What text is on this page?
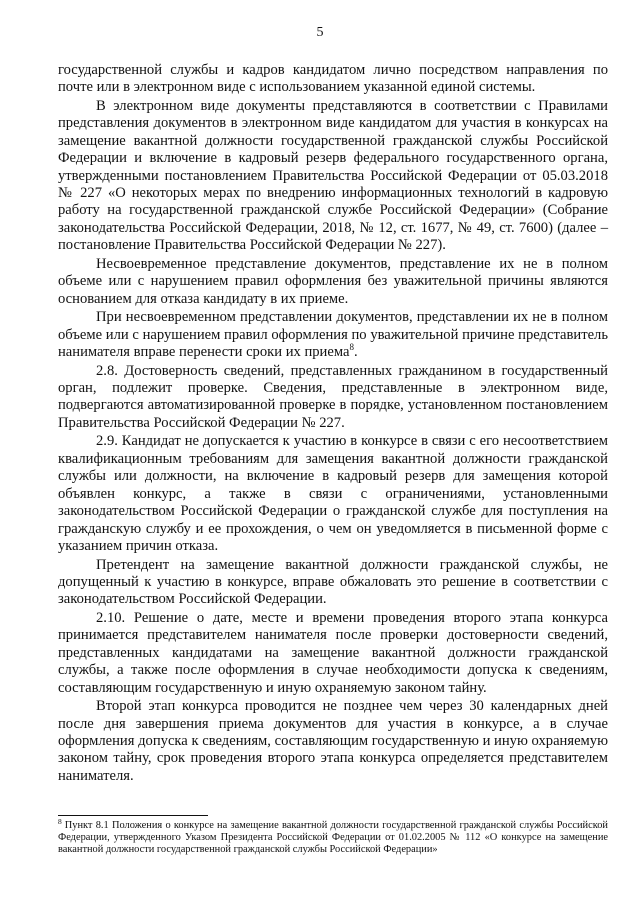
5

государственной службы и кадров кандидатом лично посредством направления по почте или в электронном виде с использованием указанной единой системы.

В электронном виде документы представляются в соответствии с Правилами представления документов в электронном виде кандидатом для участия в конкурсах на замещение вакантной должности государственной гражданской службы Российской Федерации и включение в кадровый резерв федерального государственного органа, утвержденными постановлением Правительства Российской Федерации от 05.03.2018 № 227 «О некоторых мерах по внедрению информационных технологий в кадровую работу на государственной гражданской службе Российской Федерации» (Собрание законодательства Российской Федерации, 2018, № 12, ст. 1677, № 49, ст. 7600) (далее – постановление Правительства Российской Федерации № 227).

Несвоевременное представление документов, представление их не в полном объеме или с нарушением правил оформления без уважительной причины являются основанием для отказа кандидату в их приеме.

При несвоевременном представлении документов, представлении их не в полном объеме или с нарушением правил оформления по уважительной причине представитель нанимателя вправе перенести сроки их приема$^8$.

2.8. Достоверность сведений, представленных гражданином в государственный орган, подлежит проверке. Сведения, представленные в электронном виде, подвергаются автоматизированной проверке в порядке, установленном постановлением Правительства Российской Федерации № 227.

2.9. Кандидат не допускается к участию в конкурсе в связи с его несоответствием квалификационным требованиям для замещения вакантной должности гражданской службы или должности, на включение в кадровый резерв для замещения которой объявлен конкурс, а также в связи с ограничениями, установленными законодательством Российской Федерации о гражданской службе для поступления на гражданскую службу и ее прохождения, о чем он уведомляется в письменной форме с указанием причин отказа.

Претендент на замещение вакантной должности гражданской службы, не допущенный к участию в конкурсе, вправе обжаловать это решение в соответствии с законодательством Российской Федерации.

2.10. Решение о дате, месте и времени проведения второго этапа конкурса принимается представителем нанимателя после проверки достоверности сведений, представленных кандидатами на замещение вакантной должности гражданской службы, а также после оформления в случае необходимости допуска к сведениям, составляющим государственную и иную охраняемую законом тайну.

Второй этап конкурса проводится не позднее чем через 30 календарных дней после дня завершения приема документов для участия в конкурсе, а в случае оформления допуска к сведениям, составляющим государственную и иную охраняемую законом тайну, срок проведения второго этапа конкурса определяется представителем нанимателя.

$^8$ Пункт 8.1 Положения о конкурсе на замещение вакантной должности государственной гражданской службы Российской Федерации, утвержденного Указом Президента Российской Федерации от 01.02.2005 № 112 «О конкурсе на замещение вакантной должности государственной гражданской службы Российской Федерации»
